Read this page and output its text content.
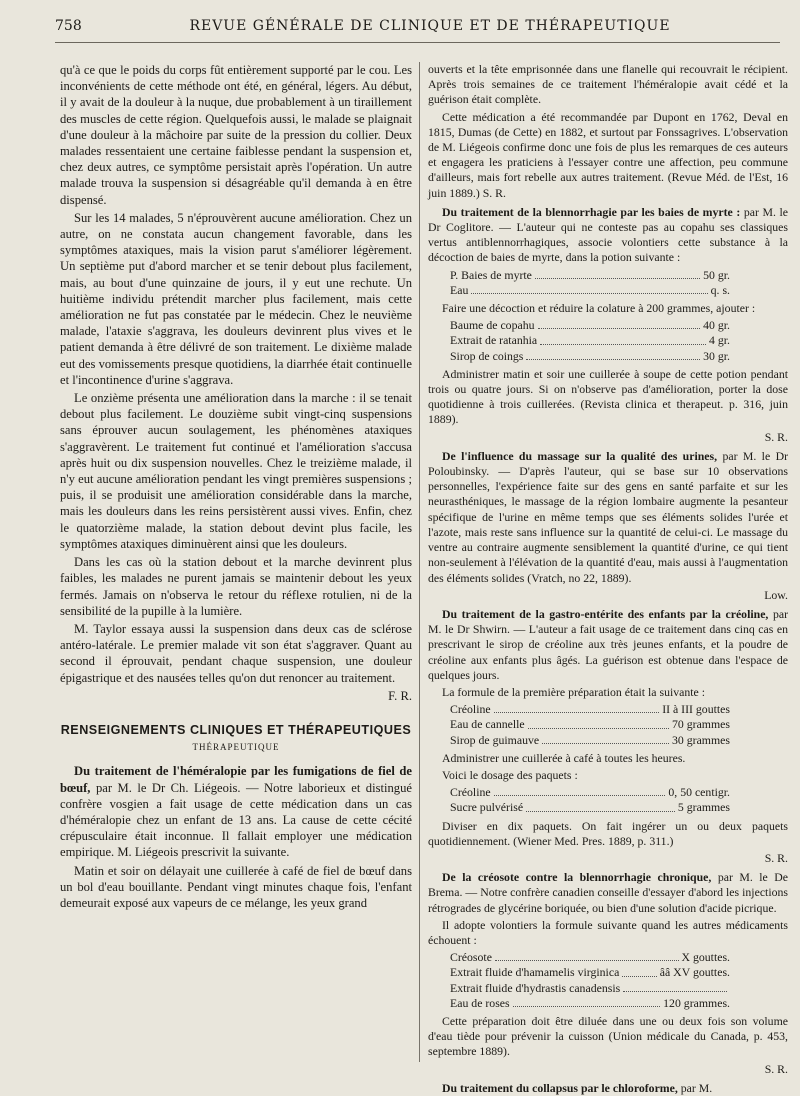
758	REVUE GÉNÉRALE DE CLINIQUE ET DE THÉRAPEUTIQUE

qu'à ce que le poids du corps fût entièrement supporté par le cou. Les inconvénients de cette méthode ont été, en général, légers. Au début, il y avait de la douleur à la nuque, due probablement à un tiraillement des muscles de cette région. Quelquefois aussi, le malade se plaignait d'une douleur à la mâchoire par suite de la pression du collier. Deux malades ressentaient une certaine faiblesse pendant la suspension et, chez deux autres, ce symptôme persistait après l'opération. Un autre malade trouva la suspension si désagréable qu'il demanda à en être dispensé.

Sur les 14 malades, 5 n'éprouvèrent aucune amélioration. Chez un autre, on ne constata aucun changement favorable, dans les symptômes ataxiques, mais la vision parut s'améliorer légèrement. Un septième put d'abord marcher et se tenir debout plus facilement, mais, au bout d'une quinzaine de jours, il y eut une rechute. Un huitième individu prétendit marcher plus facilement, mais cette amélioration ne fut pas constatée par le médecin. Chez le neuvième malade, l'ataxie s'aggrava, les douleurs devinrent plus vives et le patient demanda à être délivré de son traitement. Le dixième malade eut des vomissements presque quotidiens, la diarrhée était continuelle et l'incontinence d'urine s'aggrava.

Le onzième présenta une amélioration dans la marche : il se tenait debout plus facilement. Le douzième subit vingt-cinq suspensions sans éprouver aucun soulagement, les phénomènes ataxiques s'aggravèrent. Le traitement fut continué et l'amélioration s'accusa après huit ou dix suspension nouvelles. Chez le treizième malade, il n'y eut aucune amélioration pendant les vingt premières suspensions ; puis, il se produisit une amélioration considérable dans la marche, mais les douleurs dans les reins persistèrent aussi vives. Enfin, chez le quatorzième malade, la station debout devint plus facile, les symptômes ataxiques diminuèrent ainsi que les douleurs.

Dans les cas où la station debout et la marche devinrent plus faibles, les malades ne purent jamais se maintenir debout les yeux fermés. Jamais on n'observa le retour du réflexe rotulien, ni de la sensibilité de la pupille à la lumière.

M. Taylor essaya aussi la suspension dans deux cas de sclérose antéro-latérale. Le premier malade vit son état s'aggraver. Quant au second il éprouvait, pendant chaque suspension, une douleur épigastrique et des nausées telles qu'on dut renoncer au traitement.

F. R.

RENSEIGNEMENTS CLINIQUES ET THÉRAPEUTIQUES
THÉRAPEUTIQUE

Du traitement de l'héméralopie par les fumigations de fiel de bœuf, par M. le Dr Ch. Liégeois. — Notre laborieux et distingué confrère vosgien a fait usage de cette médication dans un cas d'héméralopie chez un enfant de 13 ans. La cause de cette cécité crépusculaire était inconnue. Il fallait employer une médication empirique. M. Liégeois prescrivit la suivante.

Matin et soir on délayait une cuillerée à café de fiel de bœuf dans un bol d'eau bouillante. Pendant vingt minutes chaque fois, l'enfant demeurait exposé aux vapeurs de ce mélange, les yeux grand

ouverts et la tête emprisonnée dans une flanelle qui recouvrait le récipient. Après trois semaines de ce traitement l'héméralopie avait cédé et la guérison était complète.

Cette médication a été recommandée par Dupont en 1762, Deval en 1815, Dumas (de Cette) en 1882, et surtout par Fonssagrives. L'observation de M. Liégeois confirme donc une fois de plus les remarques de ces auteurs et engagera les praticiens à l'essayer contre une affection, peu commune d'ailleurs, mais fort rebelle aux autres traitement. (Revue Méd. de l'Est, 16 juin 1889.) S. R.

Du traitement de la blennorrhagie par les baies de myrte : par M. le Dr Coglitore. — L'auteur qui ne conteste pas au copahu ses classiques vertus antiblennorrhagiques, associe volontiers cette substance à la décoction de baies de myrte, dans la potion suivante :

P. Baies de myrte	50 gr.
Eau	q. s.

Faire une décoction et réduire la colature à 200 grammes, ajouter :

Baume de copahu	40 gr.
Extrait de ratanhia	4 gr.
Sirop de coings	30 gr.

Administrer matin et soir une cuillerée à soupe de cette potion pendant trois ou quatre jours. Si on n'observe pas d'amélioration, porter la dose quotidienne à trois cuillerées. (Revista clinica et therapeut. p. 316, juin 1889).

S. R.

De l'influence du massage sur la qualité des urines, par M. le Dr Poloubinsky. — D'après l'auteur, qui se base sur 10 observations personnelles, l'expérience faite sur des gens en santé parfaite et sur les neurasthéniques, le massage de la région lombaire augmente la pesanteur spécifique de l'urine en même temps que ses éléments solides l'urée et l'azote, mais reste sans influence sur la quantité de celui-ci. Le massage du ventre au contraire augmente sensiblement la quantité d'urine, ce qui tient non-seulement à l'élévation de la quantité d'eau, mais aussi à l'augmentation des éléments solides (Vratch, no 22, 1889).

Low.

Du traitement de la gastro-entérite des enfants par la créoline, par M. le Dr Shwirn. — L'auteur a fait usage de ce traitement dans cinq cas en prescrivant le sirop de créoline aux très jeunes enfants, et la poudre de créoline aux enfants plus âgés. La guérison est obtenue dans l'espace de quelques jours.

La formule de la première préparation était la suivante :

Créoline	II à III gouttes
Eau de cannelle	70 grammes
Sirop de guimauve	30 grammes

Administrer une cuillerée à café à toutes les heures.

Voici le dosage des paquets :

Créoline	0, 50 centigr.
Sucre pulvérisé	5 grammes

Diviser en dix paquets. On fait ingérer un ou deux paquets quotidiennement. (Wiener Med. Pres. 1889, p. 311.)

S. R.

De la créosote contre la blennorrhagie chronique, par M. le De Brema. — Notre confrère canadien conseille d'essayer d'abord les injections rétrogrades de glycérine boriquée, ou bien d'une solution d'acide picrique.

Il adopte volontiers la formule suivante quand les autres médicaments échouent :

Créosote	X gouttes.
Extrait fluide d'hamamelis virginica	ââ XV gouttes.
Extrait fluide d'hydrastis canadensis
Eau de roses	120 grammes.

Cette préparation doit être diluée dans une ou deux fois son volume d'eau tiède pour prévenir la cuisson (Union médicale du Canada, p. 453, septembre 1889).

S. R.

Du traitement du collapsus par le chloroforme, par M.
